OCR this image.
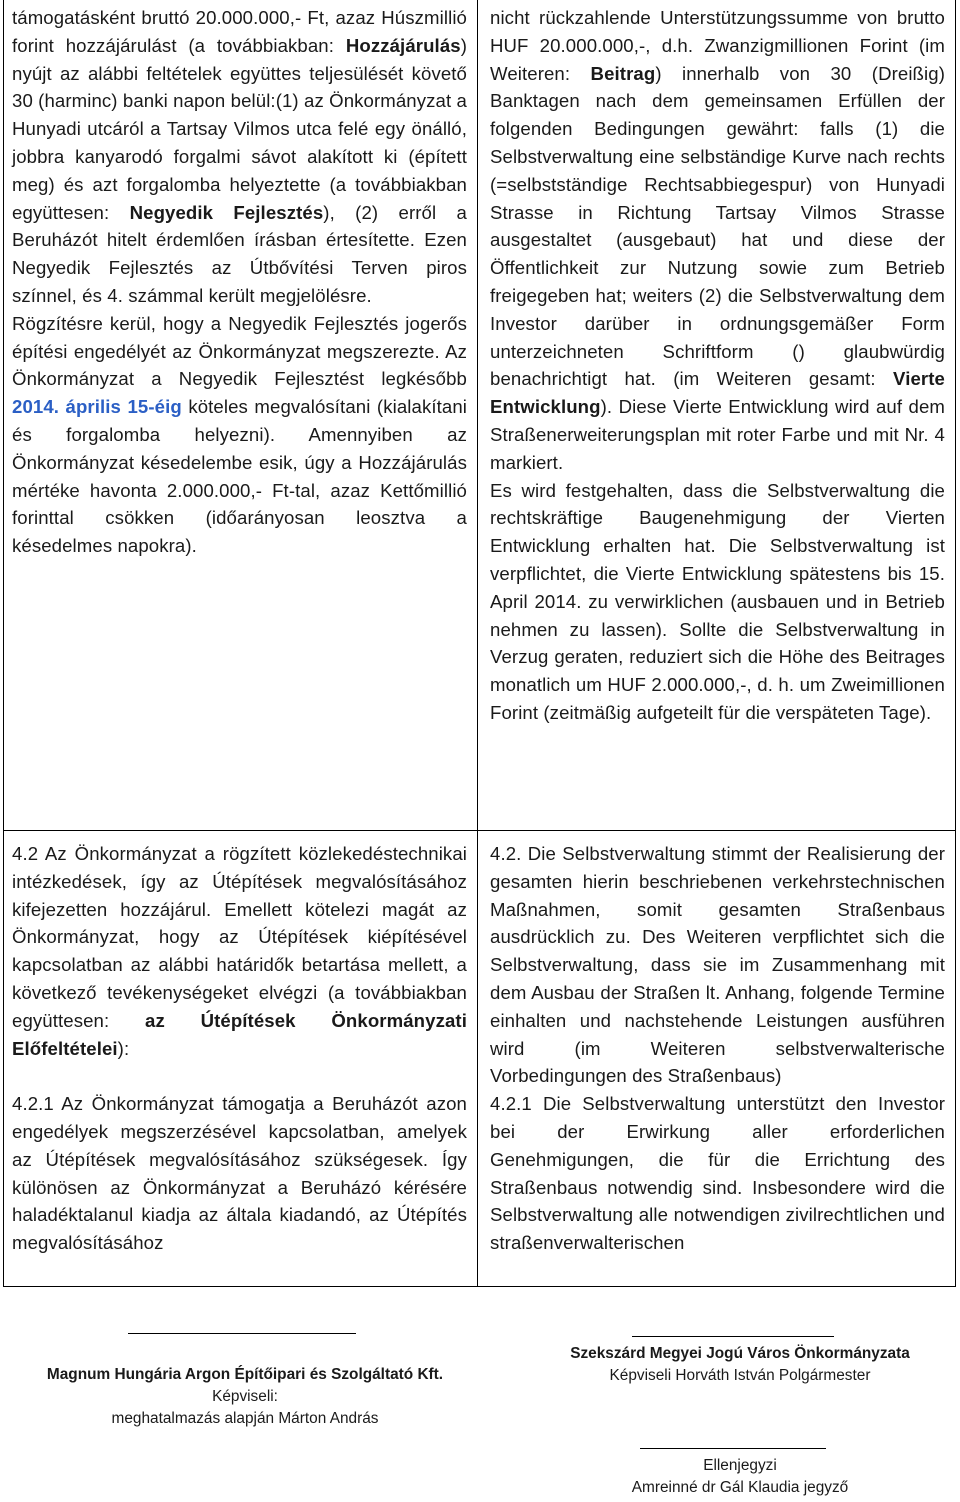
támogatásként bruttó 20.000.000,- Ft, azaz Húszmillió forint hozzájárulást (a továbbiakban: Hozzájárulás) nyújt az alábbi feltételek együttes teljesülését követő 30 (harminc) banki napon belül:(1) az Önkormányzat a Hunyadi utcáról a Tartsay Vilmos utca felé egy önálló, jobbra kanyarodó forgalmi sávot alakított ki (épített meg) és azt forgalomba helyeztette (a továbbiakban együttesen: Negyedik Fejlesztés), (2) erről a Beruházót hitelt érdemlően írásban értesítette. Ezen Negyedik Fejlesztés az Útbővítési Terven piros színnel, és 4. számmal került megjelölésre.

Rögzítésre kerül, hogy a Negyedik Fejlesztés jogerős építési engedélyét az Önkormányzat megszerezte. Az Önkormányzat a Negyedik Fejlesztést legkésőbb 2014. április 15-éig köteles megvalósítani (kialakítani és forgalomba helyezni). Amennyiben az Önkormányzat késedelembe esik, úgy a Hozzájárulás mértéke havonta 2.000.000,- Ft-tal, azaz Kettőmillió forinttal csökken (időarányosan leosztva a késedelmes napokra).

nicht rückzahlende Unterstützungssumme von brutto HUF 20.000.000,-, d.h. Zwanzigmillionen Forint (im Weiteren: Beitrag) innerhalb von 30 (Dreißig) Banktagen nach dem gemeinsamen Erfüllen der folgenden Bedingungen gewährt: falls (1) die Selbstverwaltung eine selbständige Kurve nach rechts (=selbstständige Rechtsabbiegespur) von Hunyadi Strasse in Richtung Tartsay Vilmos Strasse ausgestaltet (ausgebaut) hat und diese der Öffentlichkeit zur Nutzung sowie zum Betrieb freigegeben hat; weiters (2) die Selbstverwaltung dem Investor darüber in ordnungsgemäßer Form unterzeichneten Schriftform () glaubwürdig benachrichtigt hat. (im Weiteren gesamt: Vierte Entwicklung). Diese Vierte Entwicklung wird auf dem Straßenerweiterungsplan mit roter Farbe und mit Nr. 4 markiert.

Es wird festgehalten, dass die Selbstverwaltung die rechtskräftige Baugenehmigung der Vierten Entwicklung erhalten hat. Die Selbstverwaltung ist verpflichtet, die Vierte Entwicklung spätestens bis 15. April 2014. zu verwirklichen (ausbauen und in Betrieb nehmen zu lassen). Sollte die Selbstverwaltung in Verzug geraten, reduziert sich die Höhe des Beitrages monatlich um HUF 2.000.000,-, d. h. um Zweimillionen Forint (zeitmäßig aufgeteilt für die verspäteten Tage).

4.2 Az Önkormányzat a rögzített közlekedéstechnikai intézkedések, így az Útépítések megvalósításához kifejezetten hozzájárul. Emellett kötelezi magát az Önkormányzat, hogy az Útépítések kiépítésével kapcsolatban az alábbi határidők betartása mellett, a következő tevékenységeket elvégzi (a továbbiakban együttesen: az Útépítések Önkormányzati Előfeltételei):

4.2.1 Az Önkormányzat támogatja a Beruházót azon engedélyek megszerzésével kapcsolatban, amelyek az Útépítések megvalósításához szükségesek. Így különösen az Önkormányzat a Beruházó kérésére haladéktalanul kiadja az általa kiadandó, az Útépítés megvalósításához

4.2. Die Selbstverwaltung stimmt der Realisierung der gesamten hierin beschriebenen verkehrstechnischen Maßnahmen, somit gesamten Straßenbaus ausdrücklich zu. Des Weiteren verpflichtet sich die Selbstverwaltung, dass sie im Zusammenhang mit dem Ausbau der Straßen lt. Anhang, folgende Termine einhalten und nachstehende Leistungen ausführen wird (im Weiteren selbstverwalterische Vorbedingungen des Straßenbaus)

4.2.1 Die Selbstverwaltung unterstützt den Investor bei der Erwirkung aller erforderlichen Genehmigungen, die für die Errichtung des Straßenbaus notwendig sind. Insbesondere wird die Selbstverwaltung alle notwendigen zivilrechtlichen und straßenverwalterischen

Magnum Hungária Argon Építőipari és Szolgáltató Kft.
Képviseli:
meghatalmazás alapján Márton András
Szekszárd Megyei Jogú Város Önkormányzata
Képviseli Horváth István Polgármester
Ellenjegyzi
Amreinné dr Gál Klaudia jegyző
